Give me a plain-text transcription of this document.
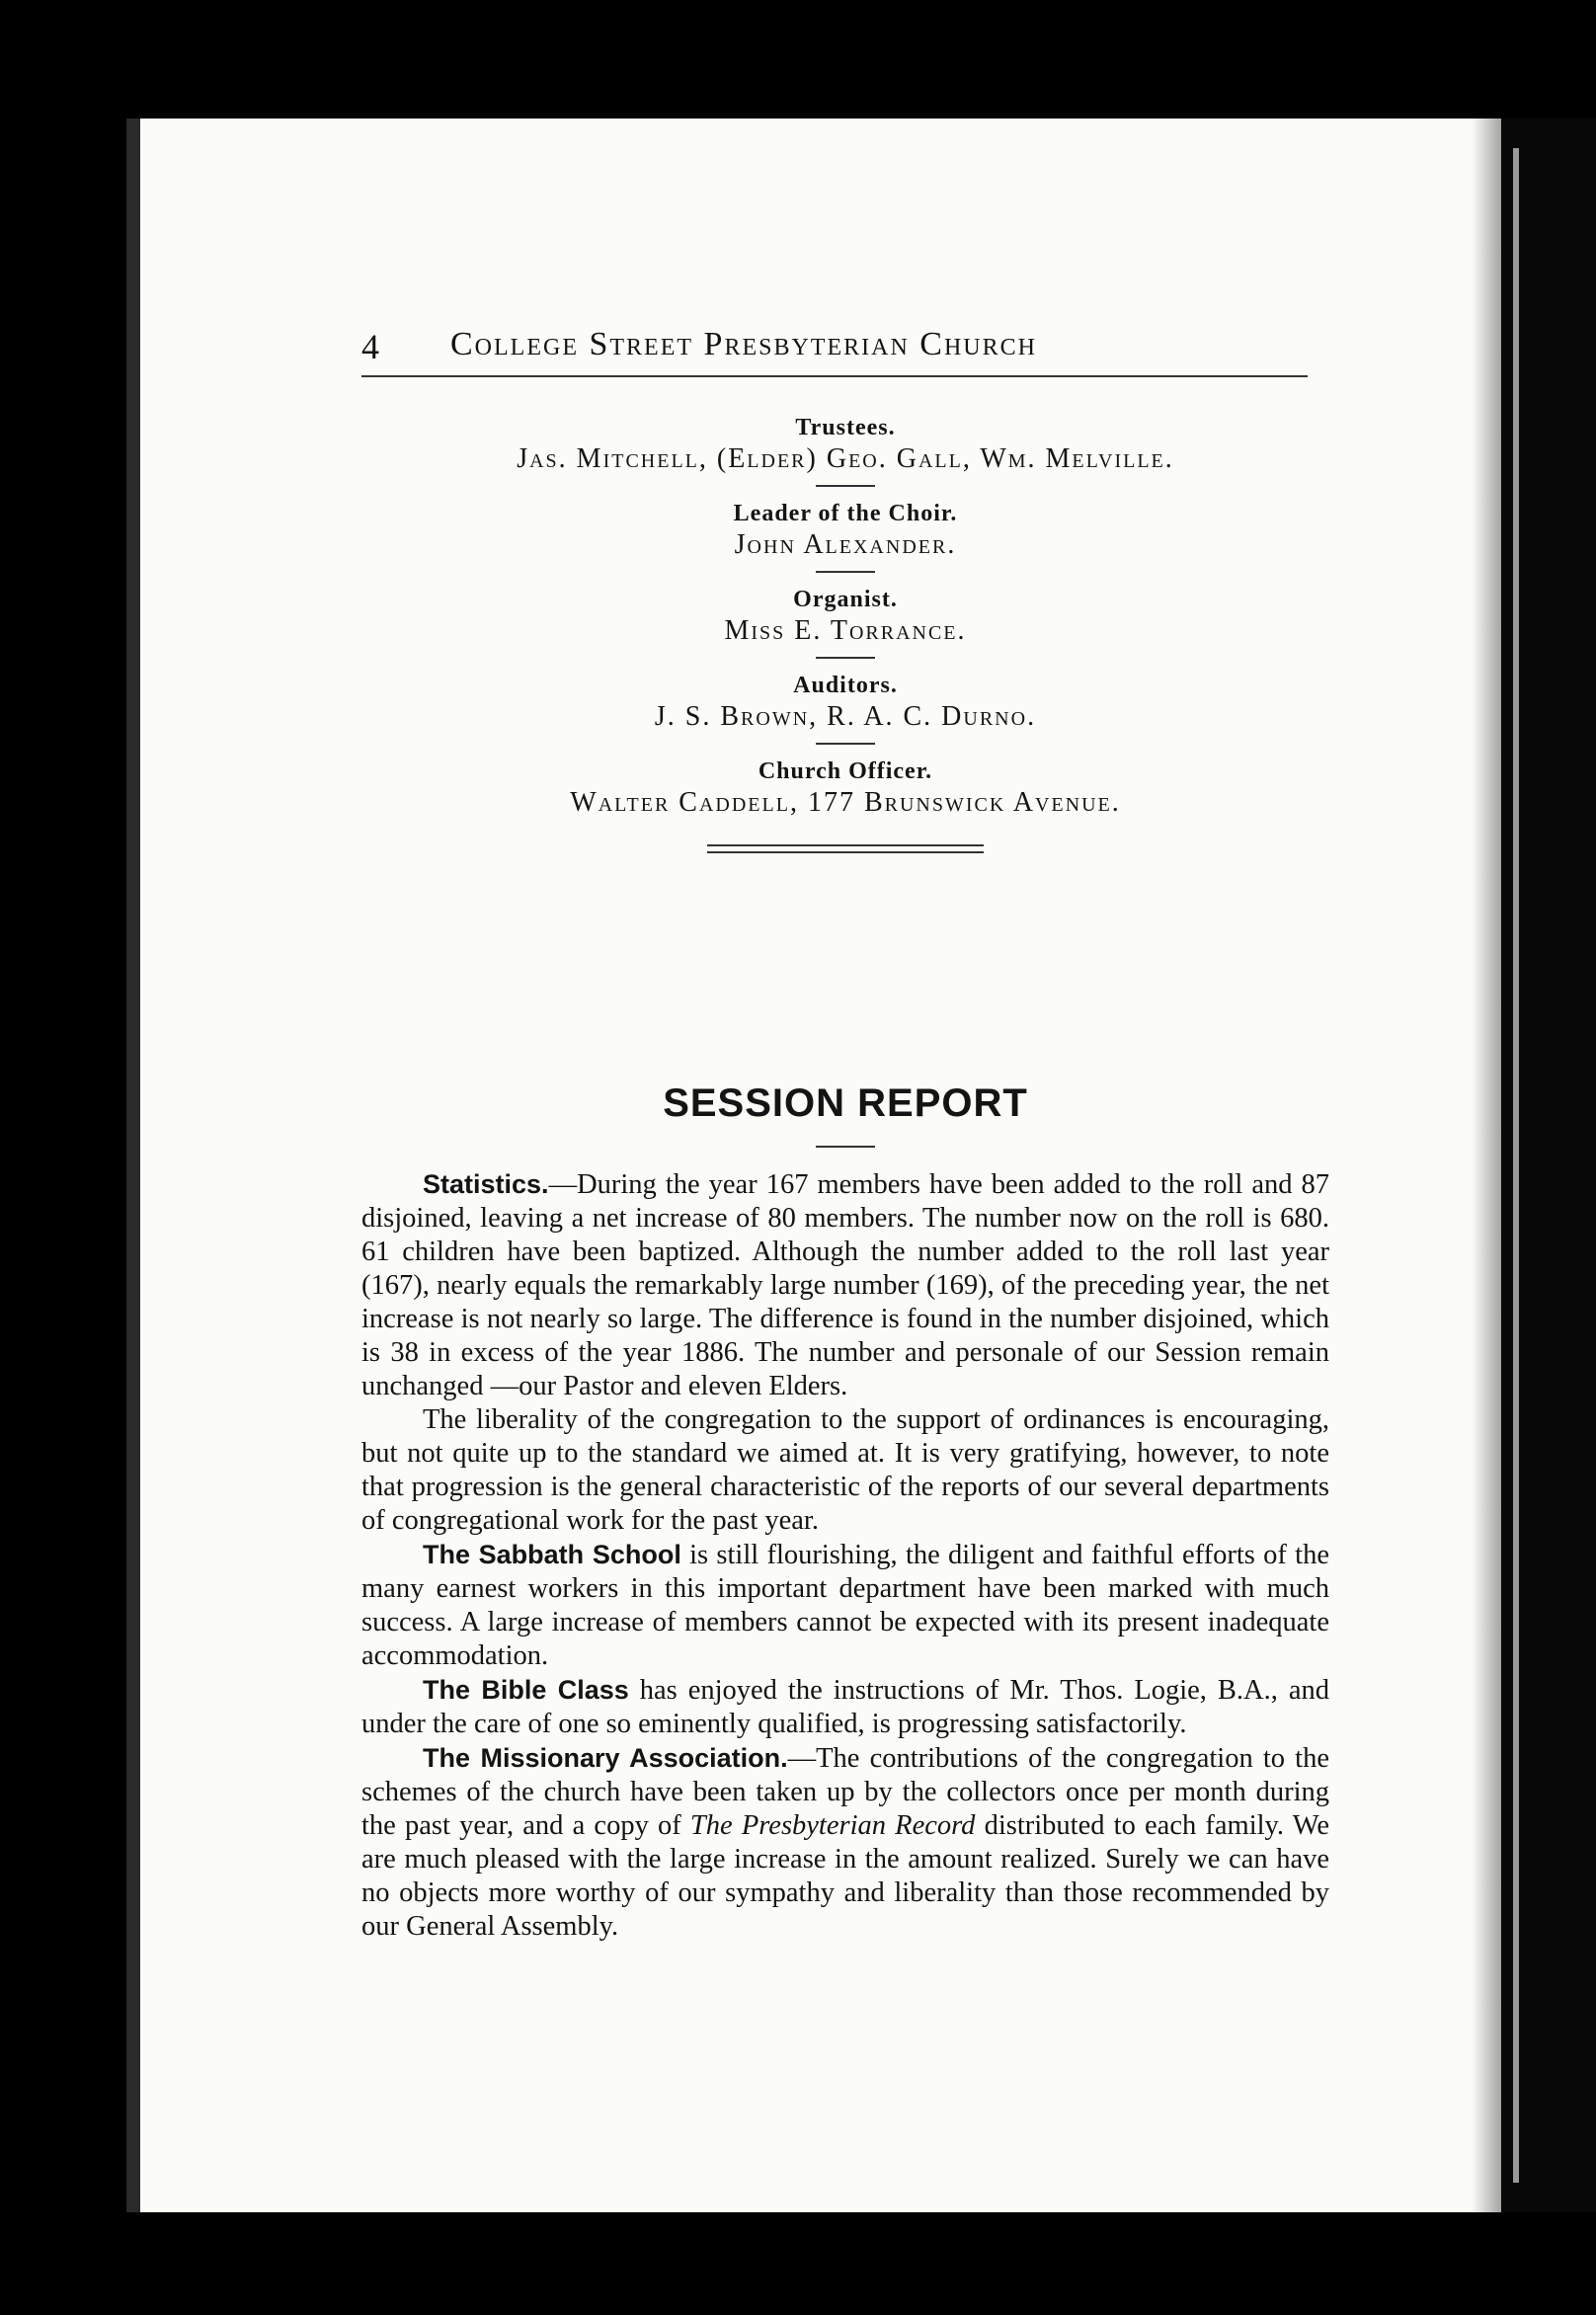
4 College Street Presbyterian Church
Trustees.
Jas. Mitchell, (Elder) Geo. Gall, Wm. Melville.
Leader of the Choir.
John Alexander.
Organist.
Miss E. Torrance.
Auditors.
J. S. Brown, R. A. C. Durno.
Church Officer.
Walter Caddell, 177 Brunswick Avenue.
SESSION REPORT

Statistics.—During the year 167 members have been added to the roll and 87 disjoined, leaving a net increase of 80 members. The number now on the roll is 680. 61 children have been baptized. Although the number added to the roll last year (167), nearly equals the remarkably large number (169), of the preceding year, the net increase is not nearly so large. The difference is found in the number disjoined, which is 38 in excess of the year 1886. The number and personale of our Session remain unchanged —our Pastor and eleven Elders.

The liberality of the congregation to the support of ordinances is encouraging, but not quite up to the standard we aimed at. It is very gratifying, however, to note that progression is the general characteristic of the reports of our several departments of congregational work for the past year.

The Sabbath School is still flourishing, the diligent and faithful efforts of the many earnest workers in this important department have been marked with much success. A large increase of members cannot be expected with its present inadequate accommodation.

The Bible Class has enjoyed the instructions of Mr. Thos. Logie, B.A., and under the care of one so eminently qualified, is progressing satisfactorily.

The Missionary Association.—The contributions of the congregation to the schemes of the church have been taken up by the collectors once per month during the past year, and a copy of The Presbyterian Record distributed to each family. We are much pleased with the large increase in the amount realized. Surely we can have no objects more worthy of our sympathy and liberality than those recommended by our General Assembly.
